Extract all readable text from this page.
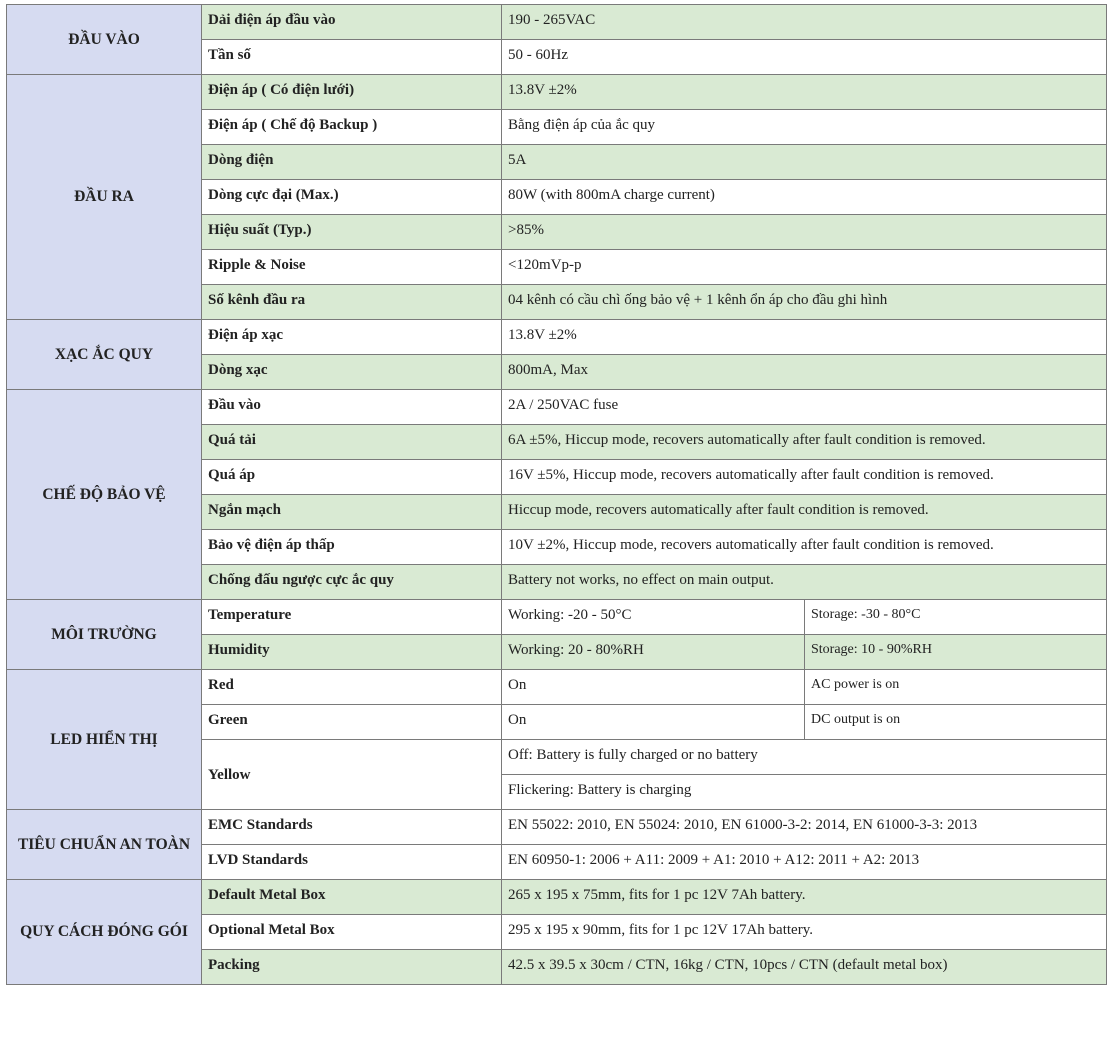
ĐẦU VÀO	Dải điện áp đầu vào	190 - 265VAC	
	Tần số	50 - 60Hz	
ĐẦU RA	Điện áp ( Có điện lưới)	13.8V ±2%	
	Điện áp ( Chế độ Backup )	Bằng điện áp của ắc quy	
	Dòng điện	5A	
	Dòng cực đại (Max.)	80W (with 800mA charge current)	
	Hiệu suất (Typ.)	>85%	
	Ripple & Noise	<120mVp-p	
	Số kênh đầu ra	04 kênh có cầu chì ống bảo vệ + 1 kênh ổn áp cho đầu ghi hình	
XẠC ẮC QUY	Điện áp xạc	13.8V ±2%	
	Dòng xạc	800mA, Max	
CHẾ ĐỘ BẢO VỆ	Đầu vào	2A / 250VAC fuse	
	Quá tải	6A ±5%, Hiccup mode, recovers automatically after fault condition is removed.	
	Quá áp	16V ±5%, Hiccup mode, recovers automatically after fault condition is removed.	
	Ngắn mạch	Hiccup mode, recovers automatically after fault condition is removed.	
	Bảo vệ điện áp thấp	10V ±2%, Hiccup mode, recovers automatically after fault condition is removed.	
	Chống đấu ngược cực ắc quy	Battery not works, no effect on main output.	
MÔI TRƯỜNG	Temperature	Working: -20 - 50°C	Storage: -30 - 80°C
	Humidity	Working: 20 - 80%RH	Storage: 10 - 90%RH
LED HIỂN THỊ	Red	On	AC power is on
	Green	On	DC output is on
	Yellow	Off: Battery is fully charged or no battery	
		Flickering: Battery is charging	
TIÊU CHUẨN AN TOÀN	EMC Standards	EN 55022: 2010, EN 55024: 2010, EN 61000-3-2: 2014, EN 61000-3-3: 2013	
	LVD Standards	EN 60950-1: 2006 + A11: 2009 + A1: 2010 + A12: 2011 + A2: 2013	
QUY CÁCH ĐÓNG GÓI	Default Metal Box	265 x 195 x 75mm, fits for 1 pc 12V 7Ah battery.	
	Optional Metal Box	295 x 195 x 90mm, fits for 1 pc 12V 17Ah battery.	
	Packing	42.5 x 39.5 x 30cm / CTN, 16kg / CTN, 10pcs / CTN (default metal box)	
